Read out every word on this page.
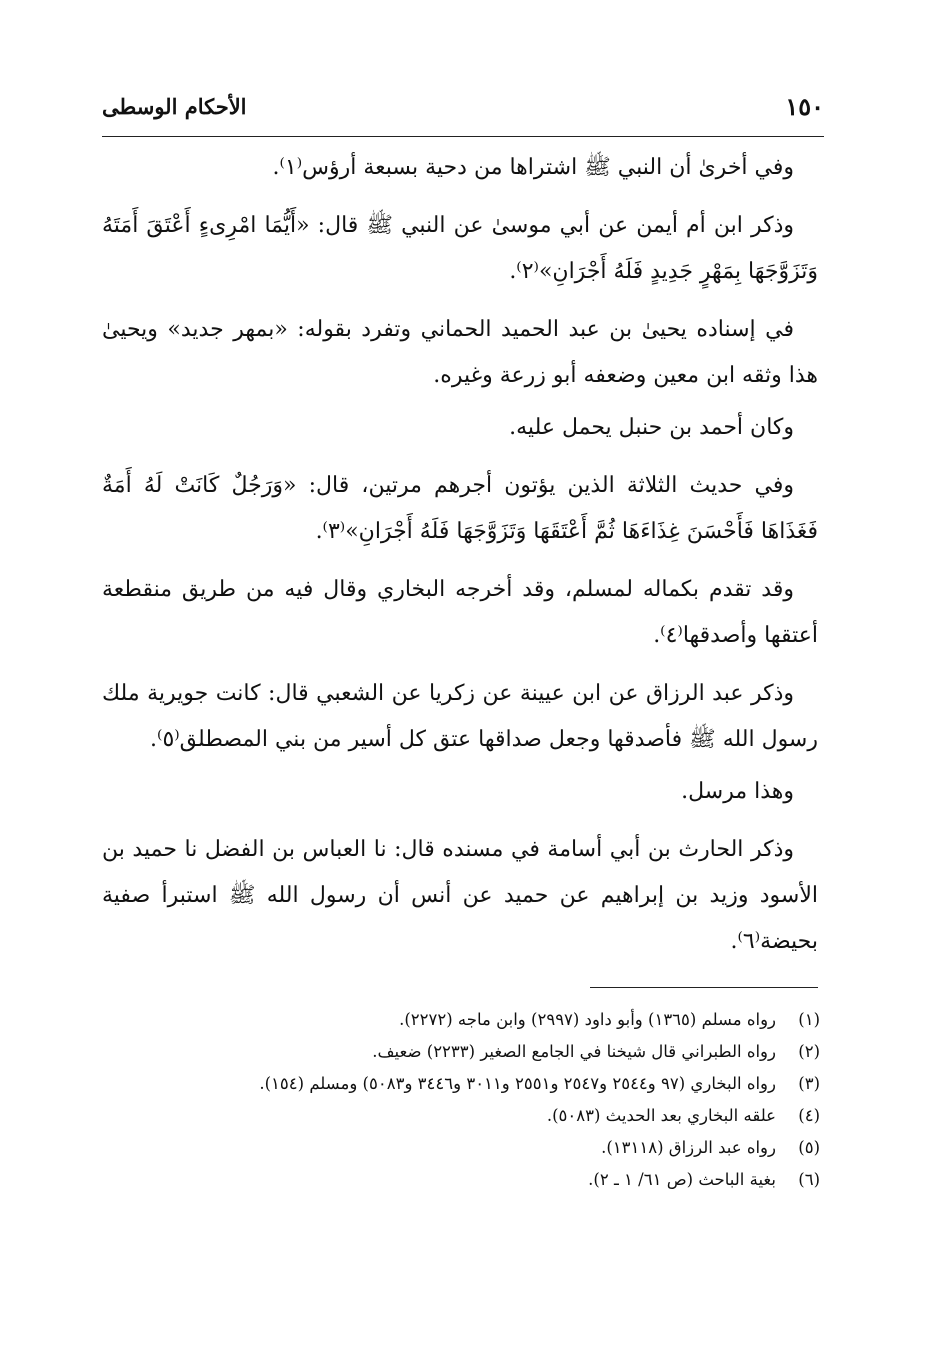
١٥٠
الأحكام الوسطى

وفي أخرىٰ أن النبي ﷺ اشتراها من دحية بسبعة أرؤس⁽١⁾.

وذكر ابن أم أيمن عن أبي موسىٰ عن النبي ﷺ قال: «أَيُّمَا امْرِىءٍ أَعْتَقَ أَمَتَهُ وَتَزَوَّجَهَا بِمَهْرٍ جَدِيدٍ فَلَهُ أَجْرَانِ»⁽٢⁾.

في إسناده يحيىٰ بن عبد الحميد الحماني وتفرد بقوله: «بمهر جديد» ويحيىٰ هذا وثقه ابن معين وضعفه أبو زرعة وغيره.

وكان أحمد بن حنبل يحمل عليه.

وفي حديث الثلاثة الذين يؤتون أجرهم مرتين، قال: «وَرَجُلٌ كَانَتْ لَهُ أَمَةٌ فَغَذَاهَا فَأَحْسَنَ غِذَاءَهَا ثُمَّ أَعْتَقَهَا وَتَزَوَّجَهَا فَلَهُ أَجْرَانِ»⁽٣⁾.

وقد تقدم بكماله لمسلم، وقد أخرجه البخاري وقال فيه من طريق منقطعة أعتقها وأصدقها⁽٤⁾.

وذكر عبد الرزاق عن ابن عيينة عن زكريا عن الشعبي قال: كانت جويرية ملك رسول الله ﷺ فأصدقها وجعل صداقها عتق كل أسير من بني المصطلق⁽٥⁾.

وهذا مرسل.

وذكر الحارث بن أبي أسامة في مسنده قال: نا العباس بن الفضل نا حميد بن الأسود وزيد بن إبراهيم عن حميد عن أنس أن رسول الله ﷺ استبرأ صفية بحيضة⁽٦⁾.

(١)
رواه مسلم (١٣٦٥) وأبو داود (٢٩٩٧) وابن ماجه (٢٢٧٢).

(٢)
رواه الطبراني قال شيخنا في الجامع الصغير (٢٢٣٣) ضعيف.

(٣)
رواه البخاري (٩٧ و٢٥٤٤ و٢٥٤٧ و٢٥٥١ و٣٠١١ و٣٤٤٦ و٥٠٨٣) ومسلم (١٥٤).

(٤)
علقه البخاري بعد الحديث (٥٠٨٣).

(٥)
رواه عبد الرزاق (١٣١١٨).

(٦)
بغية الباحث (ص ٦١/ ١ ـ ٢).
